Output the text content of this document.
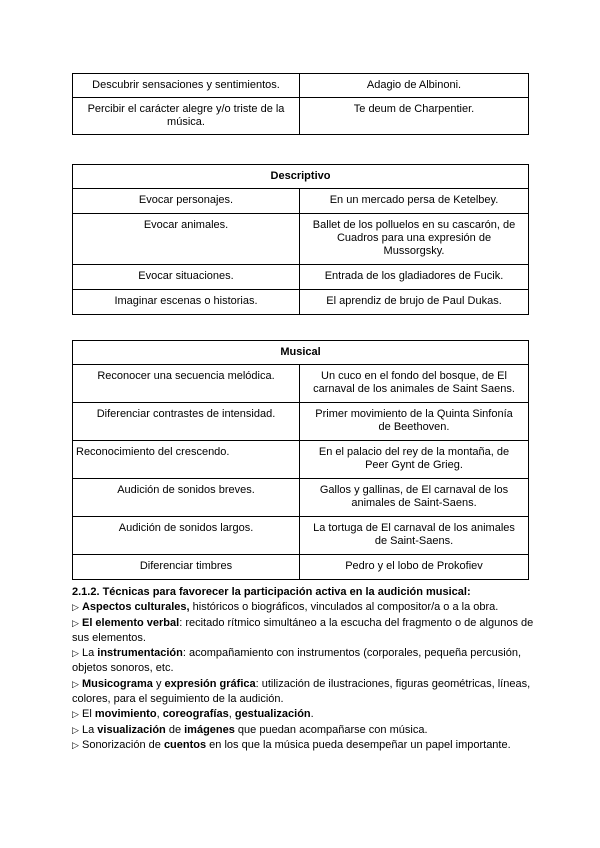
Descubrir sensaciones y sentimientos.	Adagio de Albinoni.
Percibir el carácter alegre y/o triste de la música.	Te deum de Charpentier.
Descriptivo	
Evocar personajes.	En un mercado persa de Ketelbey.
Evocar animales.	Ballet de los polluelos en su cascarón, de Cuadros para una expresión de Mussorgsky.
Evocar situaciones.	Entrada de los gladiadores de Fucik.
Imaginar escenas o historias.	El aprendiz de brujo de Paul Dukas.
Musical	
Reconocer una secuencia melódica.	Un cuco en el fondo del bosque, de El carnaval de los animales de Saint Saens.
Diferenciar contrastes de intensidad.	Primer movimiento de la Quinta Sinfonía de Beethoven.
Reconocimiento del crescendo.	En el palacio del rey de la montaña, de Peer Gynt de Grieg.
Audición de sonidos breves.	Gallos y gallinas, de El carnaval de los animales de Saint-Saens.
Audición de sonidos largos.	La tortuga de El carnaval de los animales de Saint-Saens.
Diferenciar timbres	Pedro y el lobo de Prokofiev
2.1.2. Técnicas para favorecer la participación activa en la audición musical:
▷ Aspectos culturales, históricos o biográficos, vinculados al compositor/a o a la obra.
▷ El elemento verbal: recitado rítmico simultáneo a la escucha del fragmento o de algunos de sus elementos.
▷ La instrumentación: acompañamiento con instrumentos (corporales, pequeña percusión, objetos sonoros, etc.
▷ Musicograma y expresión gráfica: utilización de ilustraciones, figuras geométricas, líneas, colores, para el seguimiento de la audición.
▷ El movimiento, coreografías, gestualización.
▷ La visualización de imágenes que puedan acompañarse con música.
▷ Sonorización de cuentos en los que la música pueda desempeñar un papel importante.
